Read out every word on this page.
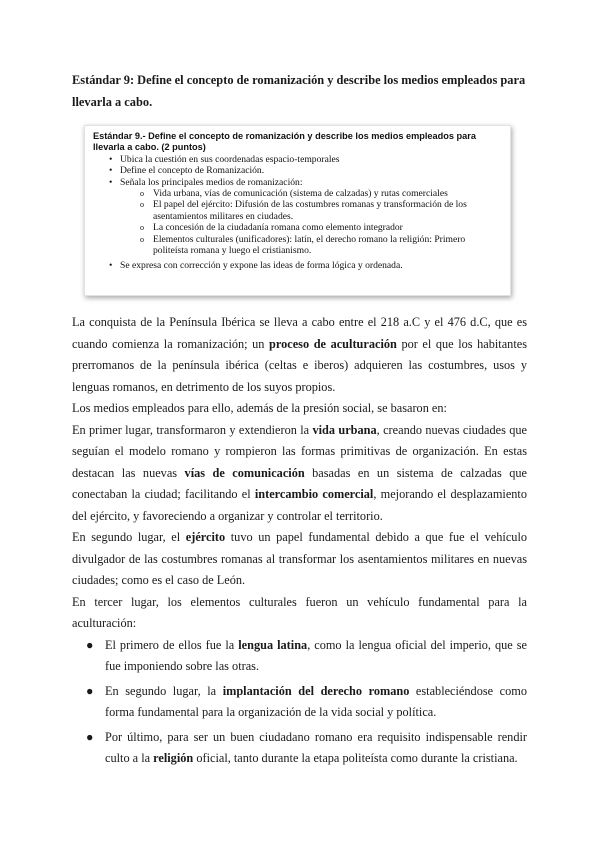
Estándar 9: Define el concepto de romanización y describe los medios empleados para llevarla a cabo.
Estándar 9.- Define el concepto de romanización y describe los medios empleados para llevarla a cabo. (2 puntos)
• Ubica la cuestión en sus coordenadas espacio-temporales
• Define el concepto de Romanización.
• Señala los principales medios de romanización:
o Vida urbana, vías de comunicación (sistema de calzadas) y rutas comerciales
o El papel del ejército: Difusión de las costumbres romanas y transformación de los asentamientos militares en ciudades.
o La concesión de la ciudadanía romana como elemento integrador
o Elementos culturales (unificadores): latín, el derecho romano la religión: Primero politeísta romana y luego el cristianismo.
• Se expresa con corrección y expone las ideas de forma lógica y ordenada.

La conquista de la Península Ibérica se lleva a cabo entre el 218 a.C y el 476 d.C, que es cuando comienza la romanización; un proceso de aculturación por el que los habitantes prerromanos de la península ibérica (celtas e iberos) adquieren las costumbres, usos y lenguas romanos, en detrimento de los suyos propios.

Los medios empleados para ello, además de la presión social, se basaron en:

En primer lugar, transformaron y extendieron la vida urbana, creando nuevas ciudades que seguían el modelo romano y rompieron las formas primitivas de organización. En estas destacan las nuevas vías de comunicación basadas en un sistema de calzadas que conectaban la ciudad; facilitando el intercambio comercial, mejorando el desplazamiento del ejército, y favoreciendo a organizar y controlar el territorio.

En segundo lugar, el ejército tuvo un papel fundamental debido a que fue el vehículo divulgador de las costumbres romanas al transformar los asentamientos militares en nuevas ciudades; como es el caso de León.

En tercer lugar, los elementos culturales fueron un vehículo fundamental para la aculturación:

● El primero de ellos fue la lengua latina, como la lengua oficial del imperio, que se fue imponiendo sobre las otras.
● En segundo lugar, la implantación del derecho romano estableciéndose como forma fundamental para la organización de la vida social y política.
● Por último, para ser un buen ciudadano romano era requisito indispensable rendir culto a la religión oficial, tanto durante la etapa politeísta como durante la cristiana.
